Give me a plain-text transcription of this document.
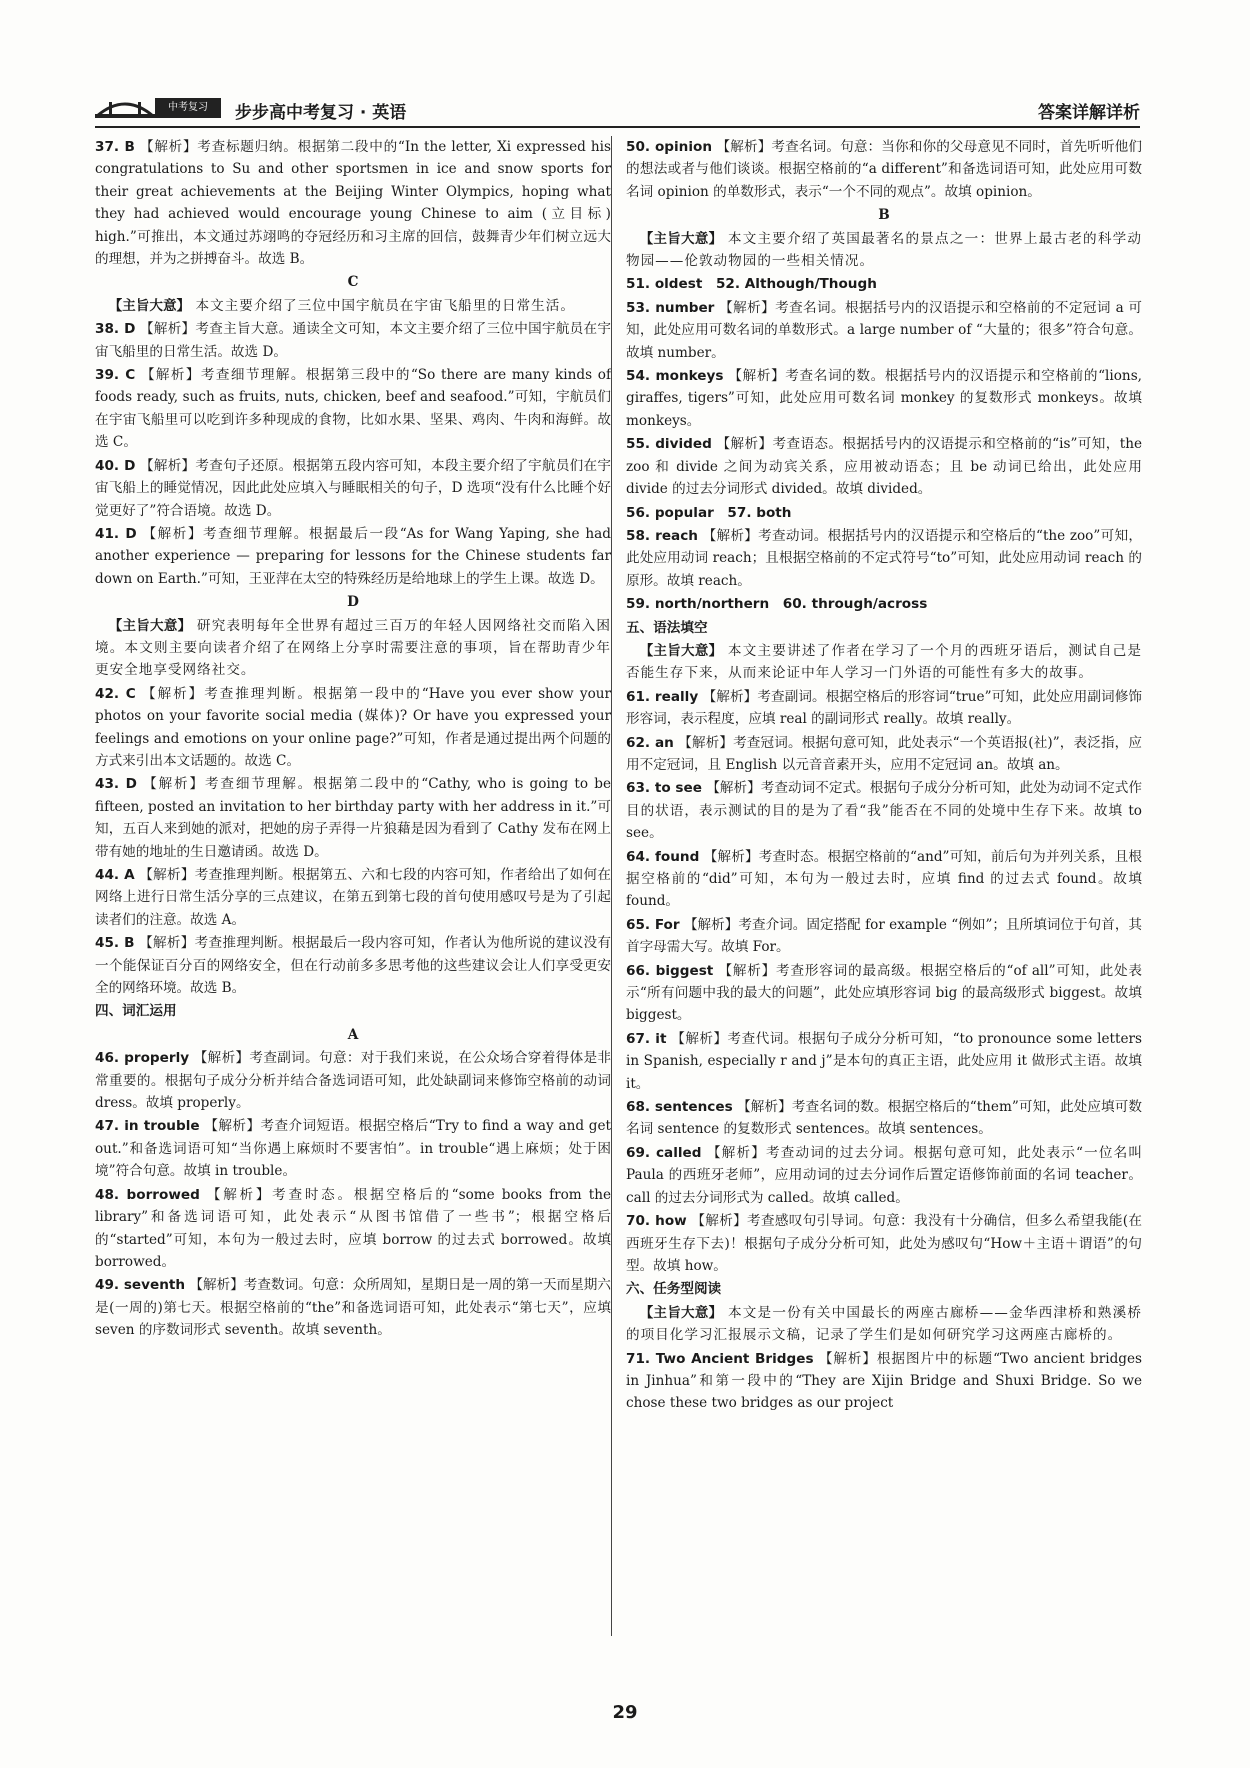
中考复习	步步高中考复习 · 英语	答案详解详析
37. B 【解析】考查标题归纳。根据第二段中的“In the letter, Xi expressed his congratulations to Su and other sportsmen in ice and snow sports for their great achievements at the Beijing Winter Olympics, hoping what they had achieved would encourage young Chinese to aim (立目标) high.”可推出，本文通过苏翊鸣的夺冠经历和习主席的回信，鼓舞青少年们树立远大的理想，并为之拼搏奋斗。故选 B。
C
【主旨大意】 本文主要介绍了三位中国宇航员在宇宙飞船里的日常生活。
38. D 【解析】考查主旨大意。通读全文可知，本文主要介绍了三位中国宇航员在宇宙飞船里的日常生活。故选 D。
39. C 【解析】考查细节理解。根据第三段中的“So there are many kinds of foods ready, such as fruits, nuts, chicken, beef and seafood.”可知，宇航员们在宇宙飞船里可以吃到许多种现成的食物，比如水果、坚果、鸡肉、牛肉和海鲜。故选 C。
40. D 【解析】考查句子还原。根据第五段内容可知，本段主要介绍了宇航员们在宇宙飞船上的睡觉情况，因此此处应填入与睡眠相关的句子，D 选项“没有什么比睡个好觉更好了”符合语境。故选 D。
41. D 【解析】考查细节理解。根据最后一段“As for Wang Yaping, she had another experience — preparing for lessons for the Chinese students far down on Earth.”可知，王亚萍在太空的特殊经历是给地球上的学生上课。故选 D。
D
【主旨大意】 研究表明每年全世界有超过三百万的年轻人因网络社交而陷入困境。本文则主要向读者介绍了在网络上分享时需要注意的事项，旨在帮助青少年更安全地享受网络社交。
42. C 【解析】考查推理判断。根据第一段中的“Have you ever show your photos on your favorite social media (媒体)? Or have you expressed your feelings and emotions on your online page?”可知，作者是通过提出两个问题的方式来引出本文话题的。故选 C。
43. D 【解析】考查细节理解。根据第二段中的“Cathy, who is going to be fifteen, posted an invitation to her birthday party with her address in it.”可知，五百人来到她的派对，把她的房子弄得一片狼藉是因为看到了 Cathy 发布在网上带有她的地址的生日邀请函。故选 D。
44. A 【解析】考查推理判断。根据第五、六和七段的内容可知，作者给出了如何在网络上进行日常生活分享的三点建议，在第五到第七段的首句使用感叹号是为了引起读者们的注意。故选 A。
45. B 【解析】考查推理判断。根据最后一段内容可知，作者认为他所说的建议没有一个能保证百分百的网络安全，但在行动前多多思考他的这些建议会让人们享受更安全的网络环境。故选 B。
四、词汇运用
A
46. properly 【解析】考查副词。句意：对于我们来说，在公众场合穿着得体是非常重要的。根据句子成分分析并结合备选词语可知，此处缺副词来修饰空格前的动词 dress。故填 properly。
47. in trouble 【解析】考查介词短语。根据空格后“Try to find a way and get out.”和备选词语可知“当你遇上麻烦时不要害怕”。in trouble“遇上麻烦；处于困境”符合句意。故填 in trouble。
48. borrowed 【解析】考查时态。根据空格后的“some books from the library”和备选词语可知，此处表示“从图书馆借了一些书”；根据空格后的“started”可知，本句为一般过去时，应填 borrow 的过去式 borrowed。故填 borrowed。
49. seventh 【解析】考查数词。句意：众所周知，星期日是一周的第一天而星期六是(一周的)第七天。根据空格前的“the”和备选词语可知，此处表示“第七天”，应填 seven 的序数词形式 seventh。故填 seventh。
50. opinion 【解析】考查名词。句意：当你和你的父母意见不同时，首先听听他们的想法或者与他们谈谈。根据空格前的“a different”和备选词语可知，此处应用可数名词 opinion 的单数形式，表示“一个不同的观点”。故填 opinion。
B
【主旨大意】 本文主要介绍了英国最著名的景点之一：世界上最古老的科学动物园——伦敦动物园的一些相关情况。
51. oldest　52. Although/Though
53. number 【解析】考查名词。根据括号内的汉语提示和空格前的不定冠词 a 可知，此处应用可数名词的单数形式。a large number of “大量的；很多”符合句意。故填 number。
54. monkeys 【解析】考查名词的数。根据括号内的汉语提示和空格前的“lions, giraffes, tigers”可知，此处应用可数名词 monkey 的复数形式 monkeys。故填 monkeys。
55. divided 【解析】考查语态。根据括号内的汉语提示和空格前的“is”可知，the zoo 和 divide 之间为动宾关系，应用被动语态；且 be 动词已给出，此处应用 divide 的过去分词形式 divided。故填 divided。
56. popular　57. both
58. reach 【解析】考查动词。根据括号内的汉语提示和空格后的“the zoo”可知，此处应用动词 reach；且根据空格前的不定式符号“to”可知，此处应用动词 reach 的原形。故填 reach。
59. north/northern　60. through/across
五、语法填空
【主旨大意】 本文主要讲述了作者在学习了一个月的西班牙语后，测试自己是否能生存下来，从而来论证中年人学习一门外语的可能性有多大的故事。
61. really 【解析】考查副词。根据空格后的形容词“true”可知，此处应用副词修饰形容词，表示程度，应填 real 的副词形式 really。故填 really。
62. an 【解析】考查冠词。根据句意可知，此处表示“一个英语报(社)”，表泛指，应用不定冠词，且 English 以元音音素开头，应用不定冠词 an。故填 an。
63. to see 【解析】考查动词不定式。根据句子成分分析可知，此处为动词不定式作目的状语，表示测试的目的是为了看“我”能否在不同的处境中生存下来。故填 to see。
64. found 【解析】考查时态。根据空格前的“and”可知，前后句为并列关系，且根据空格前的“did”可知，本句为一般过去时，应填 find 的过去式 found。故填 found。
65. For 【解析】考查介词。固定搭配 for example “例如”；且所填词位于句首，其首字母需大写。故填 For。
66. biggest 【解析】考查形容词的最高级。根据空格后的“of all”可知，此处表示“所有问题中我的最大的问题”，此处应填形容词 big 的最高级形式 biggest。故填 biggest。
67. it 【解析】考查代词。根据句子成分分析可知，“to pronounce some letters in Spanish, especially r and j”是本句的真正主语，此处应用 it 做形式主语。故填 it。
68. sentences 【解析】考查名词的数。根据空格后的“them”可知，此处应填可数名词 sentence 的复数形式 sentences。故填 sentences。
69. called 【解析】考查动词的过去分词。根据句意可知，此处表示“一位名叫 Paula 的西班牙老师”，应用动词的过去分词作后置定语修饰前面的名词 teacher。call 的过去分词形式为 called。故填 called。
70. how 【解析】考查感叹句引导词。句意：我没有十分确信，但多么希望我能(在西班牙生存下去)！根据句子成分分析可知，此处为感叹句“How＋主语＋谓语”的句型。故填 how。
六、任务型阅读
【主旨大意】 本文是一份有关中国最长的两座古廊桥——金华西津桥和熟溪桥的项目化学习汇报展示文稿，记录了学生们是如何研究学习这两座古廊桥的。
71. Two Ancient Bridges 【解析】根据图片中的标题“Two ancient bridges in Jinhua”和第一段中的“They are Xijin Bridge and Shuxi Bridge. So we chose these two bridges as our project
29
